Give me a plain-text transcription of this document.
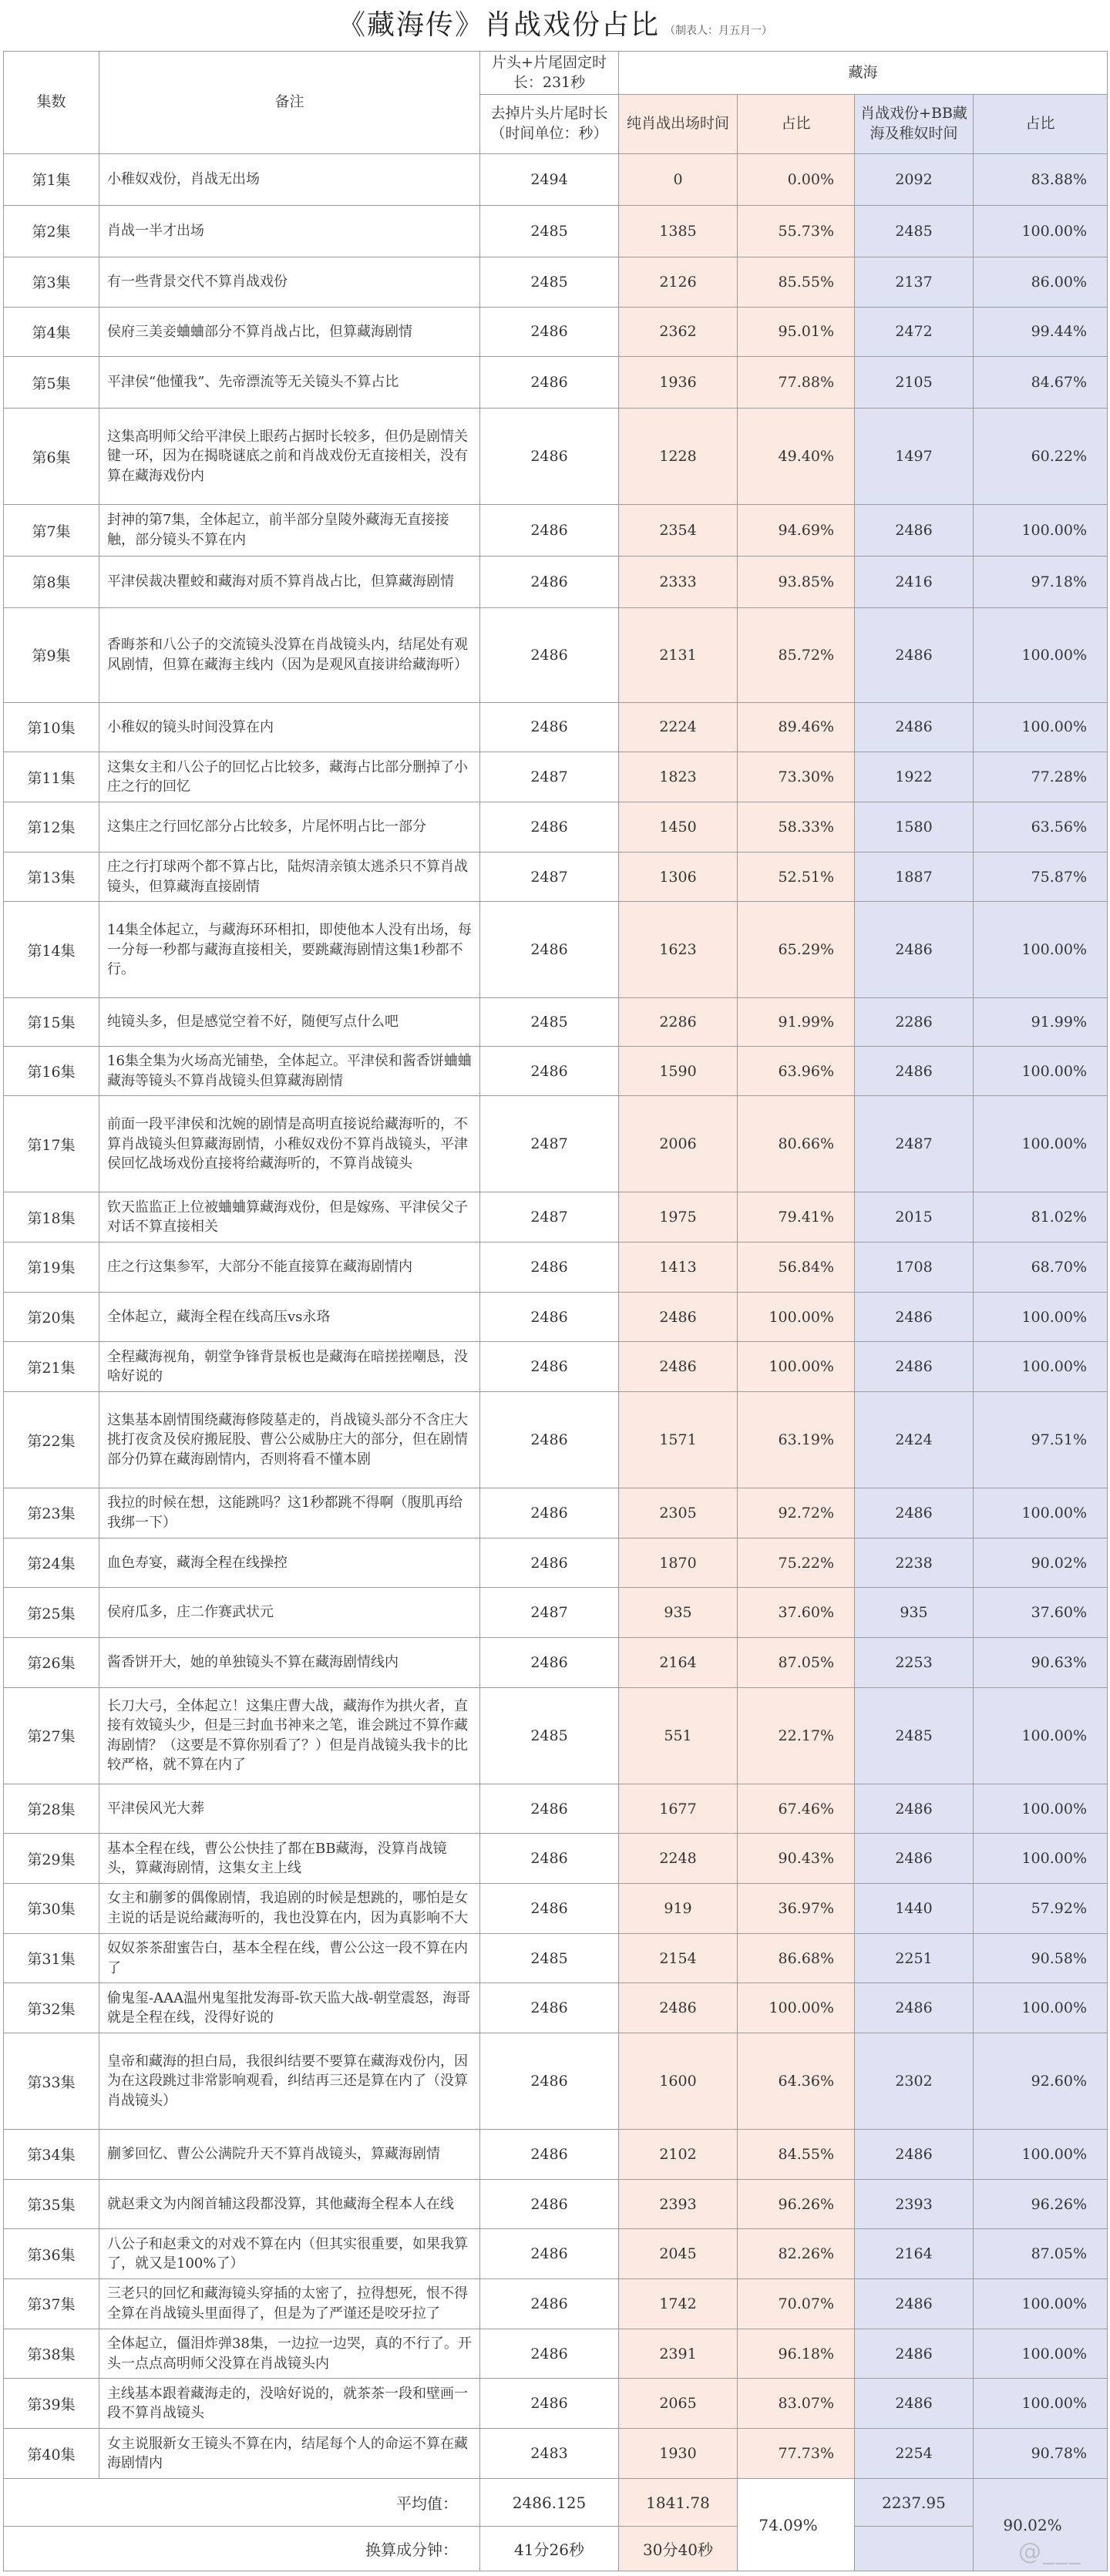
《藏海传》肖战戏份占比 （制表人：月五月一）
集数	备注	片头+片尾固定时长：231秒	藏海			
		去掉片头片尾时长（时间单位：秒）	纯肖战出场时间	占比	肖战戏份+BB藏海及稚奴时间	占比
第1集	小稚奴戏份，肖战无出场	2494	0	0.00%	2092	83.88%
第2集	肖战一半才出场	2485	1385	55.73%	2485	100.00%
第3集	有一些背景交代不算肖战戏份	2485	2126	85.55%	2137	86.00%
第4集	侯府三美妾蛐蛐部分不算肖战占比，但算藏海剧情	2486	2362	95.01%	2472	99.44%
第5集	平津侯“他懂我”、先帝漂流等无关镜头不算占比	2486	1936	77.88%	2105	84.67%
第6集	这集高明师父给平津侯上眼药占据时长较多，但仍是剧情关键一环，因为在揭晓谜底之前和肖战戏份无直接相关，没有算在藏海戏份内	2486	1228	49.40%	1497	60.22%
第7集	封神的第7集，全体起立，前半部分皇陵外藏海无直接接触，部分镜头不算在内	2486	2354	94.69%	2486	100.00%
第8集	平津侯裁决瞿蛟和藏海对质不算肖战占比，但算藏海剧情	2486	2333	93.85%	2416	97.18%
第9集	香晦茶和八公子的交流镜头没算在肖战镜头内，结尾处有观风剧情，但算在藏海主线内（因为是观风直接讲给藏海听）	2486	2131	85.72%	2486	100.00%
第10集	小稚奴的镜头时间没算在内	2486	2224	89.46%	2486	100.00%
第11集	这集女主和八公子的回忆占比较多，藏海占比部分删掉了小庄之行的回忆	2487	1823	73.30%	1922	77.28%
第12集	这集庄之行回忆部分占比较多，片尾怀明占比一部分	2486	1450	58.33%	1580	63.56%
第13集	庄之行打球两个都不算占比，陆烬清亲镇太逃杀只不算肖战镜头，但算藏海直接剧情	2487	1306	52.51%	1887	75.87%
第14集	14集全体起立，与藏海环环相扣，即使他本人没有出场，每一分每一秒都与藏海直接相关，要跳藏海剧情这集1秒都不行。	2486	1623	65.29%	2486	100.00%
第15集	纯镜头多，但是感觉空着不好，随便写点什么吧	2485	2286	91.99%	2286	91.99%
第16集	16集全集为火场高光铺垫，全体起立。平津侯和酱香饼蛐蛐藏海等镜头不算肖战镜头但算藏海剧情	2486	1590	63.96%	2486	100.00%
第17集	前面一段平津侯和沈婉的剧情是高明直接说给藏海听的，不算肖战镜头但算藏海剧情，小稚奴戏份不算肖战镜头，平津侯回忆战场戏份直接将给藏海听的，不算肖战镜头	2487	2006	80.66%	2487	100.00%
第18集	钦天监监正上位被蛐蛐算藏海戏份，但是嫁殇、平津侯父子对话不算直接相关	2487	1975	79.41%	2015	81.02%
第19集	庄之行这集参军，大部分不能直接算在藏海剧情内	2486	1413	56.84%	1708	68.70%
第20集	全体起立，藏海全程在线高压vs永珞	2486	2486	100.00%	2486	100.00%
第21集	全程藏海视角，朝堂争锋背景板也是藏海在暗搓搓嘲恳，没啥好说的	2486	2486	100.00%	2486	100.00%
第22集	这集基本剧情围绕藏海修陵墓走的，肖战镜头部分不含庄大挑打夜贪及侯府搬屁股、曹公公威胁庄大的部分，但在剧情部分仍算在藏海剧情内，否则将看不懂本剧	2486	1571	63.19%	2424	97.51%
第23集	我拉的时候在想，这能跳吗？这1秒都跳不得啊（腹肌再给我绑一下）	2486	2305	92.72%	2486	100.00%
第24集	血色寿宴，藏海全程在线操控	2486	1870	75.22%	2238	90.02%
第25集	侯府瓜多，庄二作赛武状元	2487	935	37.60%	935	37.60%
第26集	酱香饼开大，她的单独镜头不算在藏海剧情线内	2486	2164	87.05%	2253	90.63%
第27集	长刀大弓，全体起立！这集庄曹大战，藏海作为拱火者，直接有效镜头少，但是三封血书神来之笔，谁会跳过不算作藏海剧情？（这要是不算你别看了？）但是肖战镜头我卡的比较严格，就不算在内了	2485	551	22.17%	2485	100.00%
第28集	平津侯风光大葬	2486	1677	67.46%	2486	100.00%
第29集	基本全程在线，曹公公快挂了都在BB藏海，没算肖战镜头，算藏海剧情，这集女主上线	2486	2248	90.43%	2486	100.00%
第30集	女主和蒯爹的偶像剧情，我追剧的时候是想跳的，哪怕是女主说的话是说给藏海听的，我也没算在内，因为真影响不大	2486	919	36.97%	1440	57.92%
第31集	奴奴茶茶甜蜜告白，基本全程在线，曹公公这一段不算在内了	2485	2154	86.68%	2251	90.58%
第32集	偷鬼玺-AAA温州鬼玺批发海哥-钦天监大战-朝堂震怒，海哥就是全程在线，没得好说的	2486	2486	100.00%	2486	100.00%
第33集	皇帝和藏海的担白局，我很纠结要不要算在藏海戏份内，因为在这段跳过非常影响观看，纠结再三还是算在内了（没算肖战镜头）	2486	1600	64.36%	2302	92.60%
第34集	蒯爹回忆、曹公公满院升天不算肖战镜头，算藏海剧情	2486	2102	84.55%	2486	100.00%
第35集	就赵秉文为内阁首辅这段都没算，其他藏海全程本人在线	2486	2393	96.26%	2393	96.26%
第36集	八公子和赵秉文的对戏不算在内（但其实很重要，如果我算了，就又是100%了）	2486	2045	82.26%	2164	87.05%
第37集	三老只的回忆和藏海镜头穿插的太密了，拉得想死，恨不得全算在肖战镜头里面得了，但是为了严谨还是咬牙拉了	2486	1742	70.07%	2486	100.00%
第38集	全体起立，僵泪炸弹38集，一边拉一边哭，真的不行了。开头一点点高明师父没算在肖战镜头内	2486	2391	96.18%	2486	100.00%
第39集	主线基本跟着藏海走的，没啥好说的，就茶茶一段和壁画一段不算肖战镜头	2486	2065	83.07%	2486	100.00%
第40集	女主说服新女王镜头不算在内，结尾每个人的命运不算在藏海剧情内	2483	1930	77.73%	2254	90.78%
平均值：		2486.125	1841.78	74.09%	2237.95	90.02%
换算成分钟：		41分26秒	30分40秒				@___
